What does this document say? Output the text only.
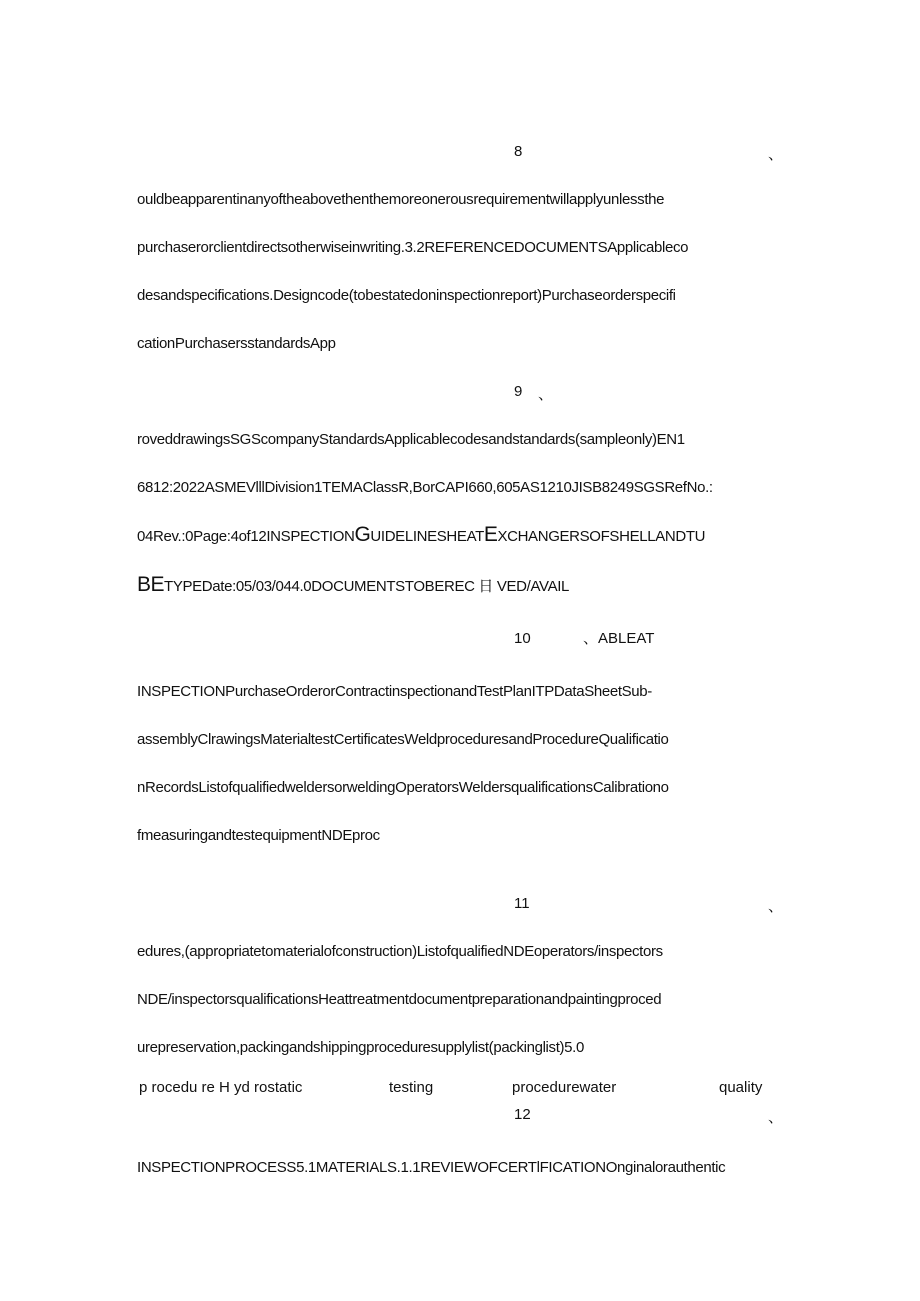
8	、
ouldbeapparentinanyoftheabovethenthemoreonerousrequirementwillapplyunlessthe
purchaserorclientdirectsotherwiseinwriting.3.2REFERENCEDOCUMENTSApplicableco
desandspecifications.Designcode(tobestatedoninspectionreport)Purchaseorderspecifi
cationPurchasersstandardsApp
9 、
roveddrawingsSGScompanyStandardsApplicablecodesandstandards(sampleonly)EN1
6812:2022ASMEVlllDivision1TEMAClassR,BorCAPI660,605AS1210JISB8249SGSRefNo.:
04Rev.:0Page:4of12INSPECTIONGUIDELINESHEATEXCHANGERSOFSHELLANDTU
BETYPEDate:05/03/044.0DOCUMENTSTOBEREC 日 VED/AVAIL
10	、ABLEAT
INSPECTIONPurchaseOrderorContractinspectionandTestPlanITPDataSheetSub-
assemblyClrawingsMaterialtestCertificatesWeldproceduresandProcedureQualificatio
nRecordsListofqualifiedweldersorweldingOperatorsWeldersqualificationsCalibrationo
fmeasuringandtestequipmentNDEproc
11	、
edures,(appropriatetomaterialofconstruction)ListofqualifiedNDEoperators/inspectors
NDE/inspectorsqualificationsHeattreatmentdocumentpreparationandpaintingproced
urepreservation,packingandshippingproceduresupplylist(packinglist)5.0
p rocedu re H yd rostatic	testing	procedurewater	quality
12	、
INSPECTIONPROCESS5.1MATERIALS.1.1REVIEWOFCERTlFICATIONOnginalorauthentic
